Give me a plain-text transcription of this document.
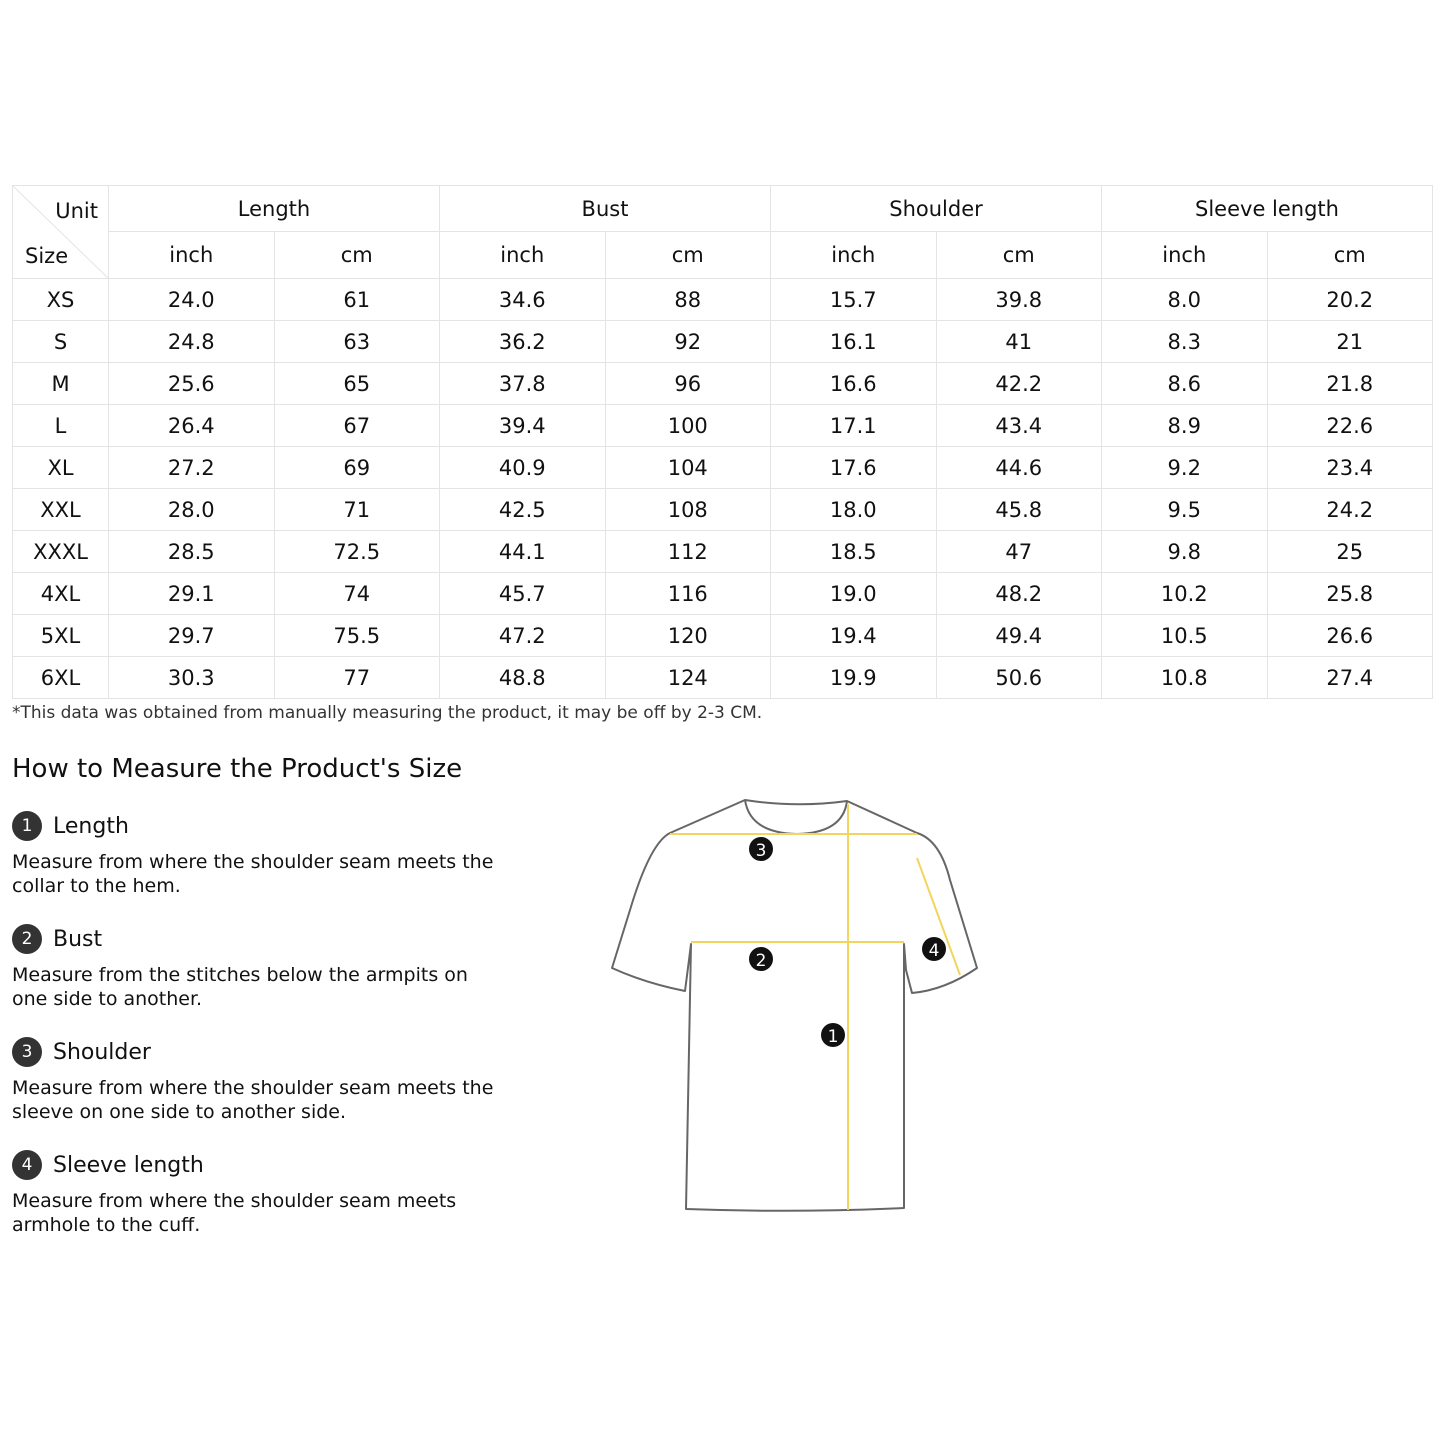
Unit
Size	Length		Bust		Shoulder		Sleeve length	
	inch	cm	inch	cm	inch	cm	inch	cm
XS	24.0	61	34.6	88	15.7	39.8	8.0	20.2
S	24.8	63	36.2	92	16.1	41	8.3	21
M	25.6	65	37.8	96	16.6	42.2	8.6	21.8
L	26.4	67	39.4	100	17.1	43.4	8.9	22.6
XL	27.2	69	40.9	104	17.6	44.6	9.2	23.4
XXL	28.0	71	42.5	108	18.0	45.8	9.5	24.2
XXXL	28.5	72.5	44.1	112	18.5	47	9.8	25
4XL	29.1	74	45.7	116	19.0	48.2	10.2	25.8
5XL	29.7	75.5	47.2	120	19.4	49.4	10.5	26.6
6XL	30.3	77	48.8	124	19.9	50.6	10.8	27.4
*This data was obtained from manually measuring the product, it may be off by 2-3 CM.
How to Measure the Product's Size
1 Length
Measure from where the shoulder seam meets the collar to the hem.
2 Bust
Measure from the stitches below the armpits on one side to another.
3 Shoulder
Measure from where the shoulder seam meets the sleeve on one side to another side.
4 Sleeve length
Measure from where the shoulder seam meets armhole to the cuff.
3
2
1
4
